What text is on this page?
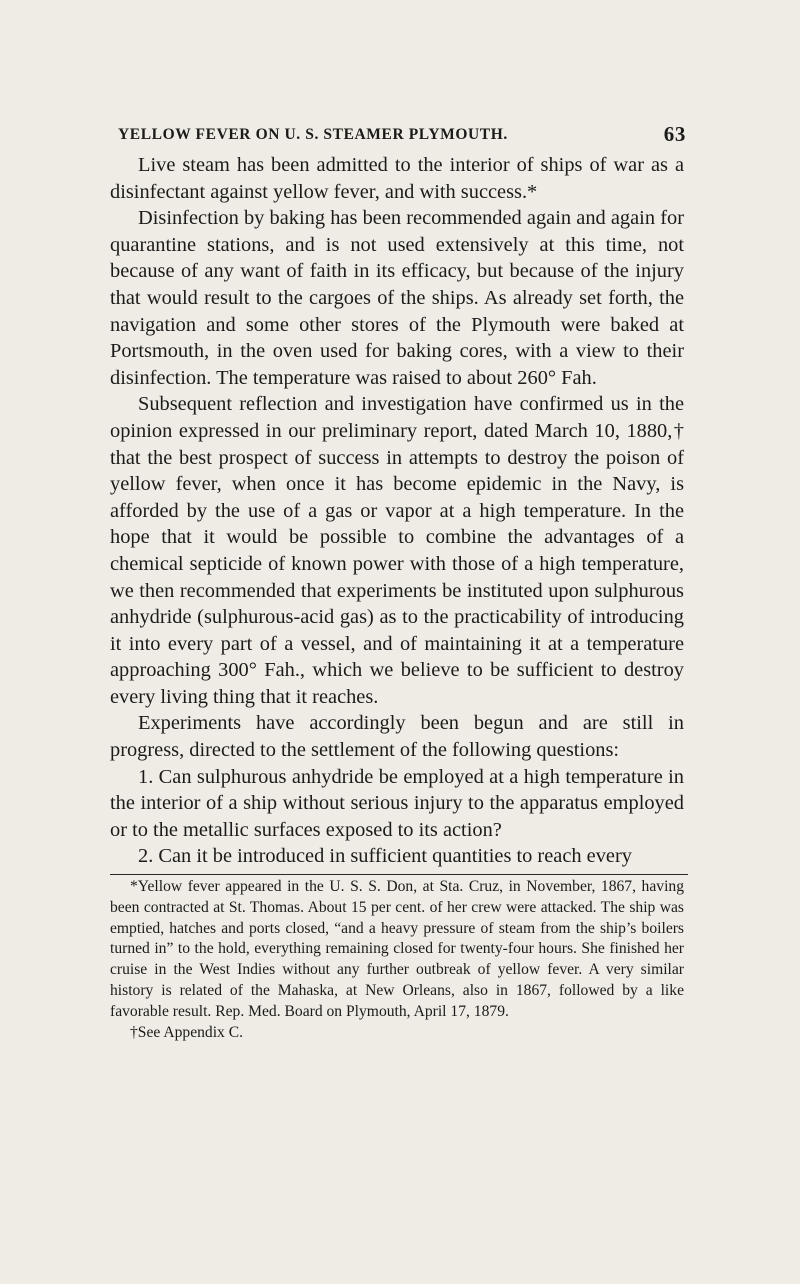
YELLOW FEVER ON U. S. STEAMER PLYMOUTH.	63

Live steam has been admitted to the interior of ships of war as a disinfectant against yellow fever, and with success.*

Disinfection by baking has been recommended again and again for quarantine stations, and is not used extensively at this time, not because of any want of faith in its efficacy, but because of the injury that would result to the cargoes of the ships. As already set forth, the navigation and some other stores of the Plymouth were baked at Portsmouth, in the oven used for baking cores, with a view to their disinfection. The temperature was raised to about 260° Fah.

Subsequent reflection and investigation have confirmed us in the opinion expressed in our preliminary report, dated March 10, 1880,† that the best prospect of success in attempts to destroy the poison of yellow fever, when once it has become epidemic in the Navy, is afforded by the use of a gas or vapor at a high temperature. In the hope that it would be possible to combine the advantages of a chemical septicide of known power with those of a high temperature, we then recommended that experiments be instituted upon sulphurous anhydride (sulphurous-acid gas) as to the practicability of introducing it into every part of a vessel, and of maintaining it at a temperature approaching 300° Fah., which we believe to be sufficient to destroy every living thing that it reaches.

Experiments have accordingly been begun and are still in progress, directed to the settlement of the following questions:

1. Can sulphurous anhydride be employed at a high temperature in the interior of a ship without serious injury to the apparatus employed or to the metallic surfaces exposed to its action?

2. Can it be introduced in sufficient quantities to reach every

*Yellow fever appeared in the U. S. S. Don, at Sta. Cruz, in November, 1867, having been contracted at St. Thomas. About 15 per cent. of her crew were attacked. The ship was emptied, hatches and ports closed, “and a heavy pressure of steam from the ship’s boilers turned in” to the hold, everything remaining closed for twenty-four hours. She finished her cruise in the West Indies without any further outbreak of yellow fever. A very similar history is related of the Mahaska, at New Orleans, also in 1867, followed by a like favorable result. Rep. Med. Board on Plymouth, April 17, 1879.

†See Appendix C.
